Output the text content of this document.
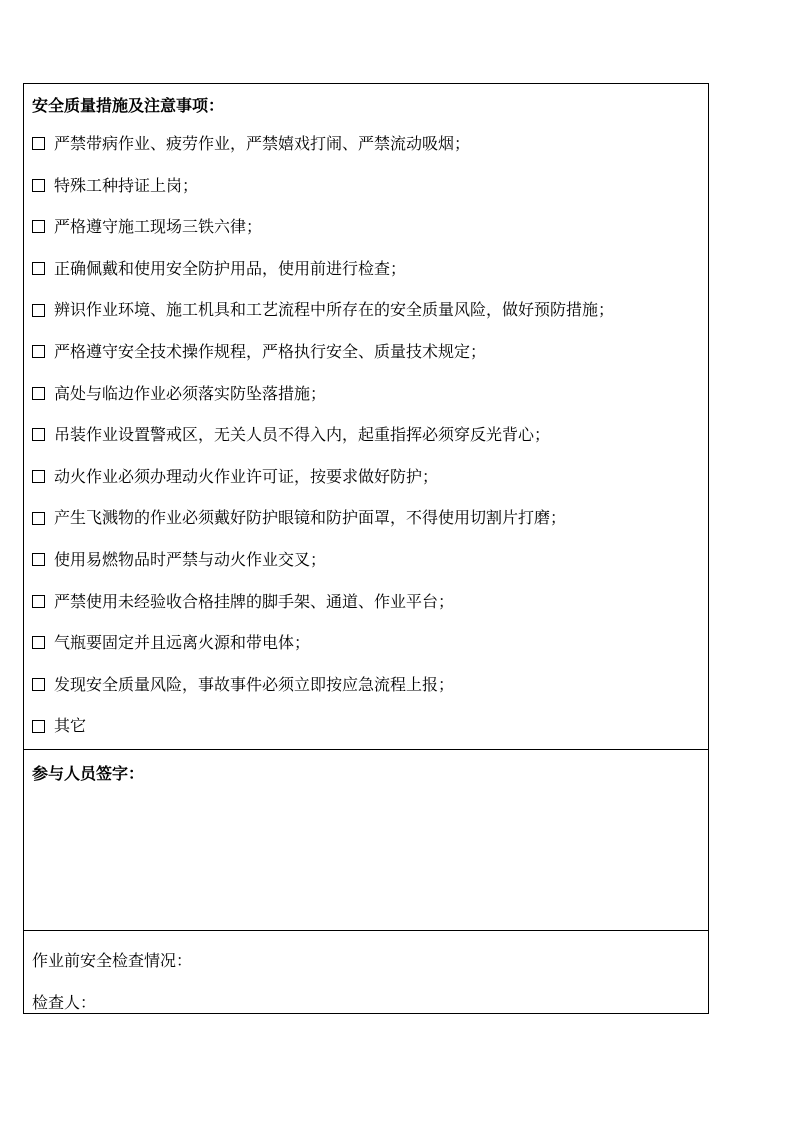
安全质量措施及注意事项：
严禁带病作业、疲劳作业，严禁嬉戏打闹、严禁流动吸烟；
特殊工种持证上岗；
严格遵守施工现场三铁六律；
正确佩戴和使用安全防护用品，使用前进行检查；
辨识作业环境、施工机具和工艺流程中所存在的安全质量风险，做好预防措施；
严格遵守安全技术操作规程，严格执行安全、质量技术规定；
高处与临边作业必须落实防坠落措施；
吊装作业设置警戒区，无关人员不得入内，起重指挥必须穿反光背心；
动火作业必须办理动火作业许可证，按要求做好防护；
产生飞溅物的作业必须戴好防护眼镜和防护面罩，不得使用切割片打磨；
使用易燃物品时严禁与动火作业交叉；
严禁使用未经验收合格挂牌的脚手架、通道、作业平台；
气瓶要固定并且远离火源和带电体；
发现安全质量风险，事故事件必须立即按应急流程上报；
其它
参与人员签字：
作业前安全检查情况：
检查人：
